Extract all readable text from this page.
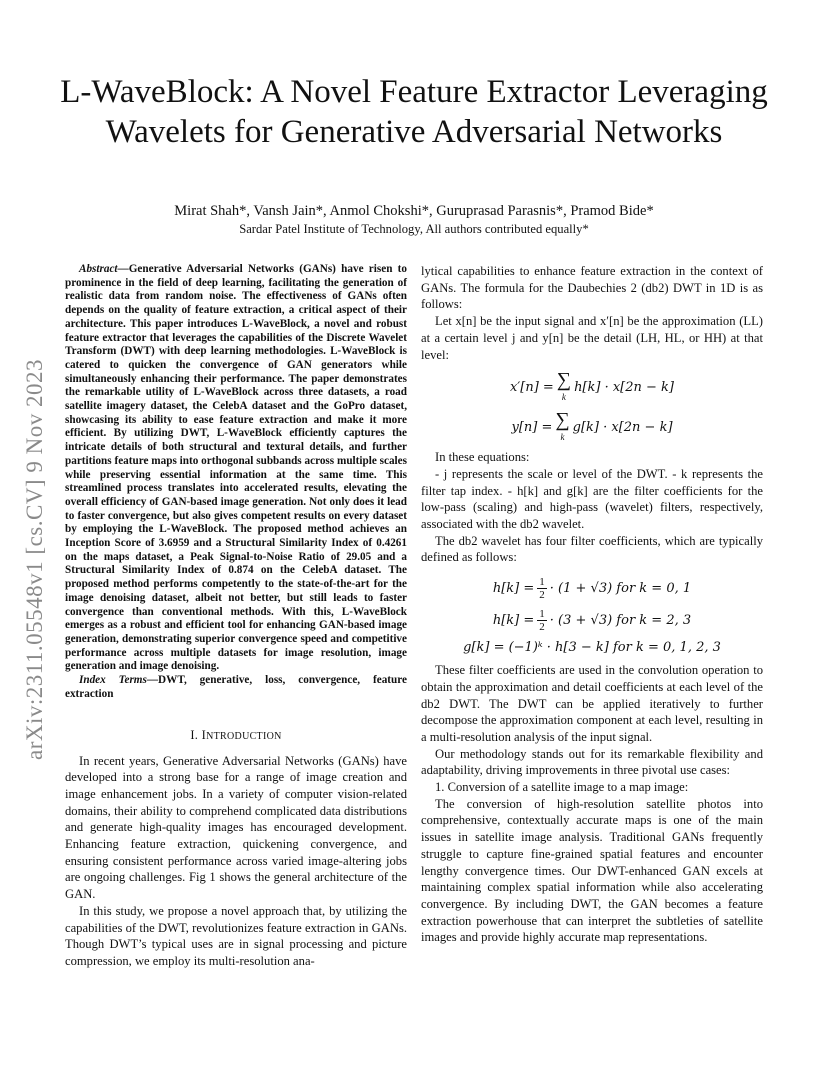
arXiv:2311.05548v1 [cs.CV] 9 Nov 2023
L-WaveBlock: A Novel Feature Extractor Leveraging Wavelets for Generative Adversarial Networks
Mirat Shah*, Vansh Jain*, Anmol Chokshi*, Guruprasad Parasnis*, Pramod Bide*
Sardar Patel Institute of Technology, All authors contributed equally*

Abstract—Generative Adversarial Networks (GANs) have risen to prominence in the field of deep learning, facilitating the generation of realistic data from random noise. The effectiveness of GANs often depends on the quality of feature extraction, a critical aspect of their architecture. This paper introduces L-WaveBlock, a novel and robust feature extractor that leverages the capabilities of the Discrete Wavelet Transform (DWT) with deep learning methodologies. L-WaveBlock is catered to quicken the convergence of GAN generators while simultaneously enhancing their performance. The paper demonstrates the remarkable utility of L-WaveBlock across three datasets, a road satellite imagery dataset, the CelebA dataset and the GoPro dataset, showcasing its ability to ease feature extraction and make it more efficient. By utilizing DWT, L-WaveBlock efficiently captures the intricate details of both structural and textural details, and further partitions feature maps into orthogonal subbands across multiple scales while preserving essential information at the same time. This streamlined process translates into accelerated results, elevating the overall efficiency of GAN-based image generation. Not only does it lead to faster convergence, but also gives competent results on every dataset by employing the L-WaveBlock. The proposed method achieves an Inception Score of 3.6959 and a Structural Similarity Index of 0.4261 on the maps dataset, a Peak Signal-to-Noise Ratio of 29.05 and a Structural Similarity Index of 0.874 on the CelebA dataset. The proposed method performs competently to the state-of-the-art for the image denoising dataset, albeit not better, but still leads to faster convergence than conventional methods. With this, L-WaveBlock emerges as a robust and efficient tool for enhancing GAN-based image generation, demonstrating superior convergence speed and competitive performance across multiple datasets for image resolution, image generation and image denoising.

Index Terms—DWT, generative, loss, convergence, feature extraction

I. INTRODUCTION

In recent years, Generative Adversarial Networks (GANs) have developed into a strong base for a range of image creation and image enhancement jobs. In a variety of computer vision-related domains, their ability to comprehend complicated data distributions and generate high-quality images has encouraged development. Enhancing feature extraction, quickening convergence, and ensuring consistent performance across varied image-altering jobs are ongoing challenges. Fig 1 shows the general architecture of the GAN.

In this study, we propose a novel approach that, by utilizing the capabilities of the DWT, revolutionizes feature extraction in GANs. Though DWT’s typical uses are in signal processing and picture compression, we employ its multi-resolution ana-

lytical capabilities to enhance feature extraction in the context of GANs. The formula for the Daubechies 2 (db2) DWT in 1D is as follows:

Let x[n] be the input signal and x′[n] be the approximation (LL) at a certain level j and y[n] be the detail (LH, HL, or HH) at that level:

x′[n] = ∑
k
h[k] · x[2n − k]
y[n] = ∑
k
g[k] · x[2n − k]

In these equations:

- j represents the scale or level of the DWT. - k represents the filter tap index. - h[k] and g[k] are the filter coefficients for the low-pass (scaling) and high-pass (wavelet) filters, respectively, associated with the db2 wavelet.

The db2 wavelet has four filter coefficients, which are typically defined as follows:

$h[k] = \frac{1}{2} \cdot (1 + √3)$ for k = 0, 1
$h[k] = \frac{1}{2} \cdot (3 + √3)$ for k = 2, 3
g[k] = (−1)ᵏ · h[3 − k] for k = 0, 1, 2, 3

These filter coefficients are used in the convolution operation to obtain the approximation and detail coefficients at each level of the db2 DWT. The DWT can be applied iteratively to further decompose the approximation component at each level, resulting in a multi-resolution analysis of the input signal.

Our methodology stands out for its remarkable flexibility and adaptability, driving improvements in three pivotal use cases:

1. Conversion of a satellite image to a map image:

The conversion of high-resolution satellite photos into comprehensive, contextually accurate maps is one of the main issues in satellite image analysis. Traditional GANs frequently struggle to capture fine-grained spatial features and encounter lengthy convergence times. Our DWT-enhanced GAN excels at maintaining complex spatial information while also accelerating convergence. By including DWT, the GAN becomes a feature extraction powerhouse that can interpret the subtleties of satellite images and provide highly accurate map representations.
